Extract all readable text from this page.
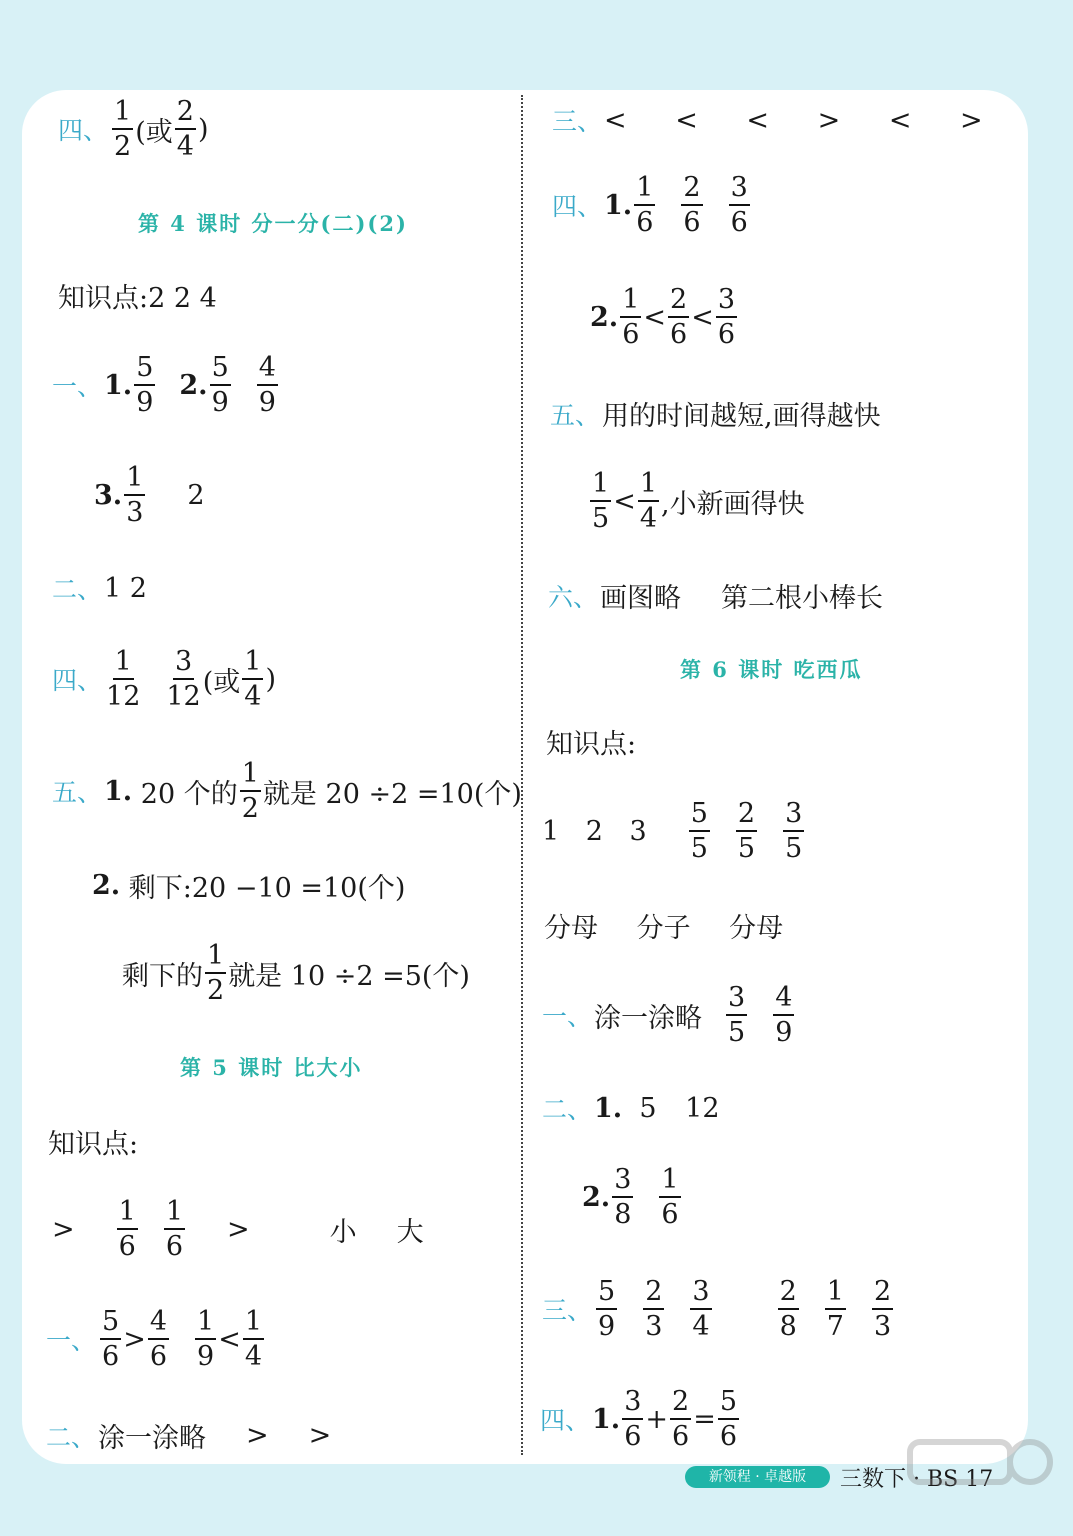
四、 $\frac{1}{2}$ (或 $\frac{2}{4}$ )
第 4 课时 分一分(二)(2)
知识点:2 2 4
一、 1. $\frac{5}{9} 2$. $\frac{5}{9} \frac{4}{9}$
3. $\frac{1}{3} 2$
二、 1 2
四、 $\frac{1}{12} \frac{3}{12}$ (或 $\frac{1}{4}$ )
五、 1.
20 个的 $\frac{1}{2}$ 就是 20 ÷2 =10(个)
2.
剩下:20 −10 =10(个)
剩下的 $\frac{1}{2}$ 就是 10 ÷2 =5(个)
第 5 课时 比大小
知识点:
> $\frac{1}{6} \frac{1}{6}$ >	小 大
一、 $\frac{5}{6} > \frac{4}{6} \frac{1}{9} < \frac{1}{4}$
二、 涂一涂略 > >
三、 < < < > < >
四、 1. $\frac{1}{6} \frac{2}{6} \frac{3}{6}$
2. $\frac{1}{6} < \frac{2}{6} < \frac{3}{6}$
五、 用的时间越短,画得越快
$\frac{1}{5} < \frac{1}{4}$ ,小新画得快
六、 画图略 第二根小棒长
第 6 课时 吃西瓜
知识点:
1 2 $3 \frac{5}{5} \frac{2}{5} \frac{3}{5}$
分母 分子 分母
一、 涂一涂略 $\frac{3}{5} \frac{4}{9}$
二、 1.
5 12
2. $\frac{3}{8} \frac{1}{6}$
三、 $\frac{5}{9} \frac{2}{3} \frac{3}{4} \frac{2}{8} \frac{1}{7} \frac{2}{3}$
四、 1. $\frac{3}{6} + \frac{2}{6} = \frac{5}{6}$
新领程 · 卓越版	三数下 · BS 17
